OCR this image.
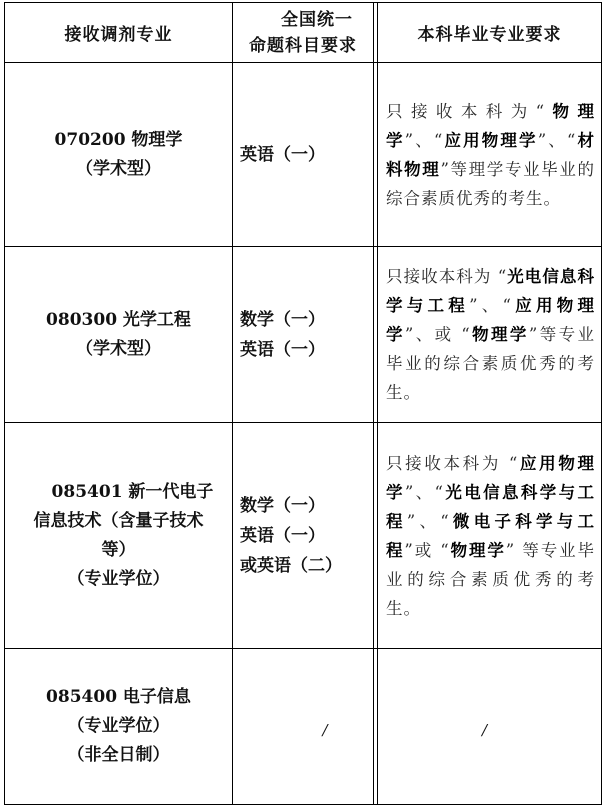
接收调剂专业
全国统一
命题科目要求
本科毕业专业要求
070200 物理学
（学术型）
英语（一）
只接收本科为“物理学”、“应用物理学”、“材料物理”等理学专业毕业的综合素质优秀的考生。
080300 光学工程
（学术型）
数学（一）
英语（一）
只接收本科为 “光电信息科学与工程”、“应用物理学”、或 “物理学”等专业毕业的综合素质优秀的考生。
085401 新一代电子
信息技术（含量子技术
等）
（专业学位）
数学（一）
英语（一）
或英语（二）
只接收本科为 “应用物理学”、“光电信息科学与工程”、“微电子科学与工程”或 “物理学” 等专业毕业的综合素质优秀的考生。
085400 电子信息
（专业学位）
（非全日制）
/	/
